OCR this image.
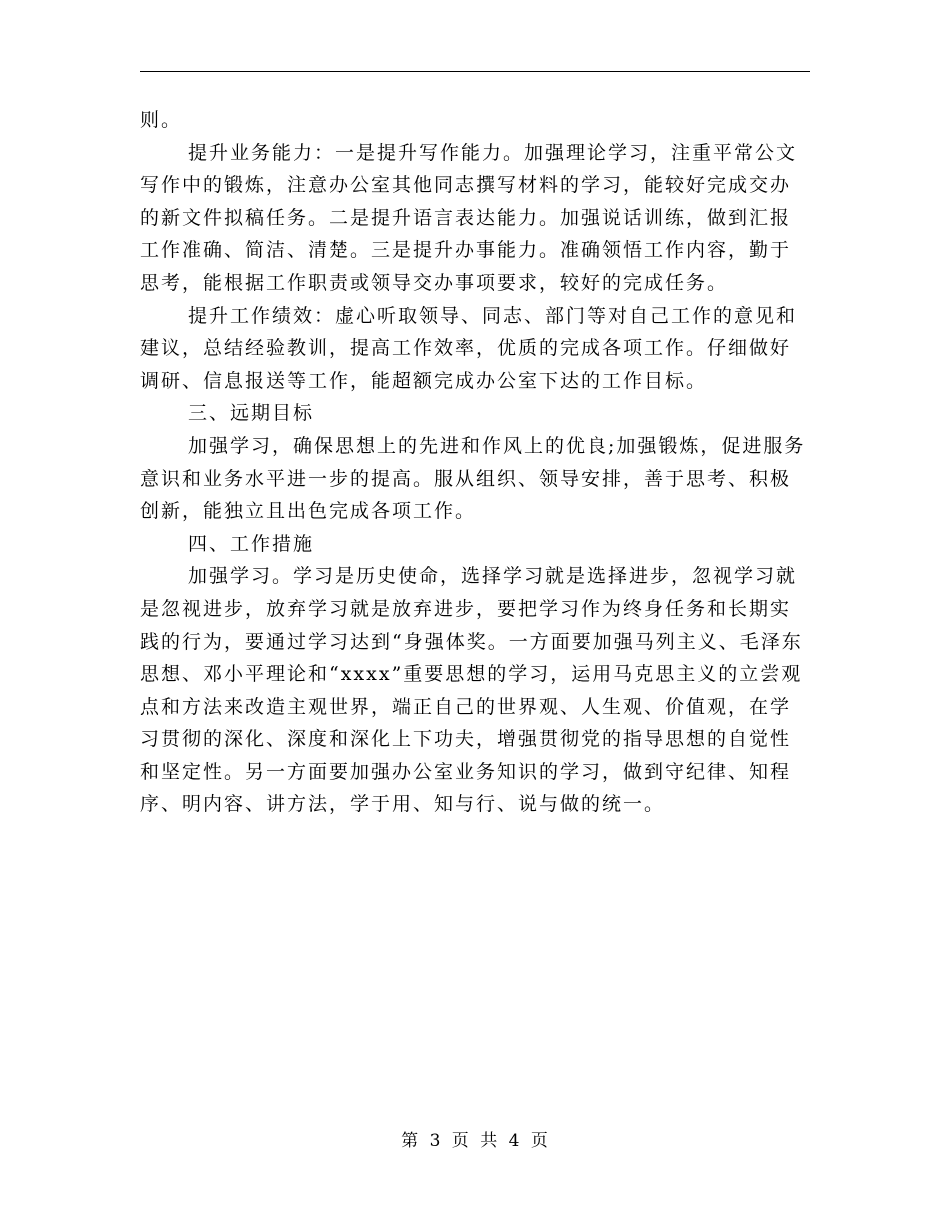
则。

提升业务能力：一是提升写作能力。加强理论学习，注重平常公文写作中的锻炼，注意办公室其他同志撰写材料的学习，能较好完成交办的新文件拟稿任务。二是提升语言表达能力。加强说话训练，做到汇报工作准确、简洁、清楚。三是提升办事能力。准确领悟工作内容，勤于思考，能根据工作职责或领导交办事项要求，较好的完成任务。

提升工作绩效：虚心听取领导、同志、部门等对自己工作的意见和建议，总结经验教训，提高工作效率，优质的完成各项工作。仔细做好调研、信息报送等工作，能超额完成办公室下达的工作目标。

三、远期目标

加强学习，确保思想上的先进和作风上的优良;加强锻炼，促进服务意识和业务水平进一步的提高。服从组织、领导安排，善于思考、积极创新，能独立且出色完成各项工作。

四、工作措施

加强学习。学习是历史使命，选择学习就是选择进步，忽视学习就是忽视进步，放弃学习就是放弃进步，要把学习作为终身任务和长期实践的行为，要通过学习达到“身强体奖。一方面要加强马列主义、毛泽东思想、邓小平理论和“xxxx”重要思想的学习，运用马克思主义的立尝观点和方法来改造主观世界，端正自己的世界观、人生观、价值观，在学习贯彻的深化、深度和深化上下功夫，增强贯彻党的指导思想的自觉性和坚定性。另一方面要加强办公室业务知识的学习，做到守纪律、知程序、明内容、讲方法，学于用、知与行、说与做的统一。

第 3 页 共 4 页
